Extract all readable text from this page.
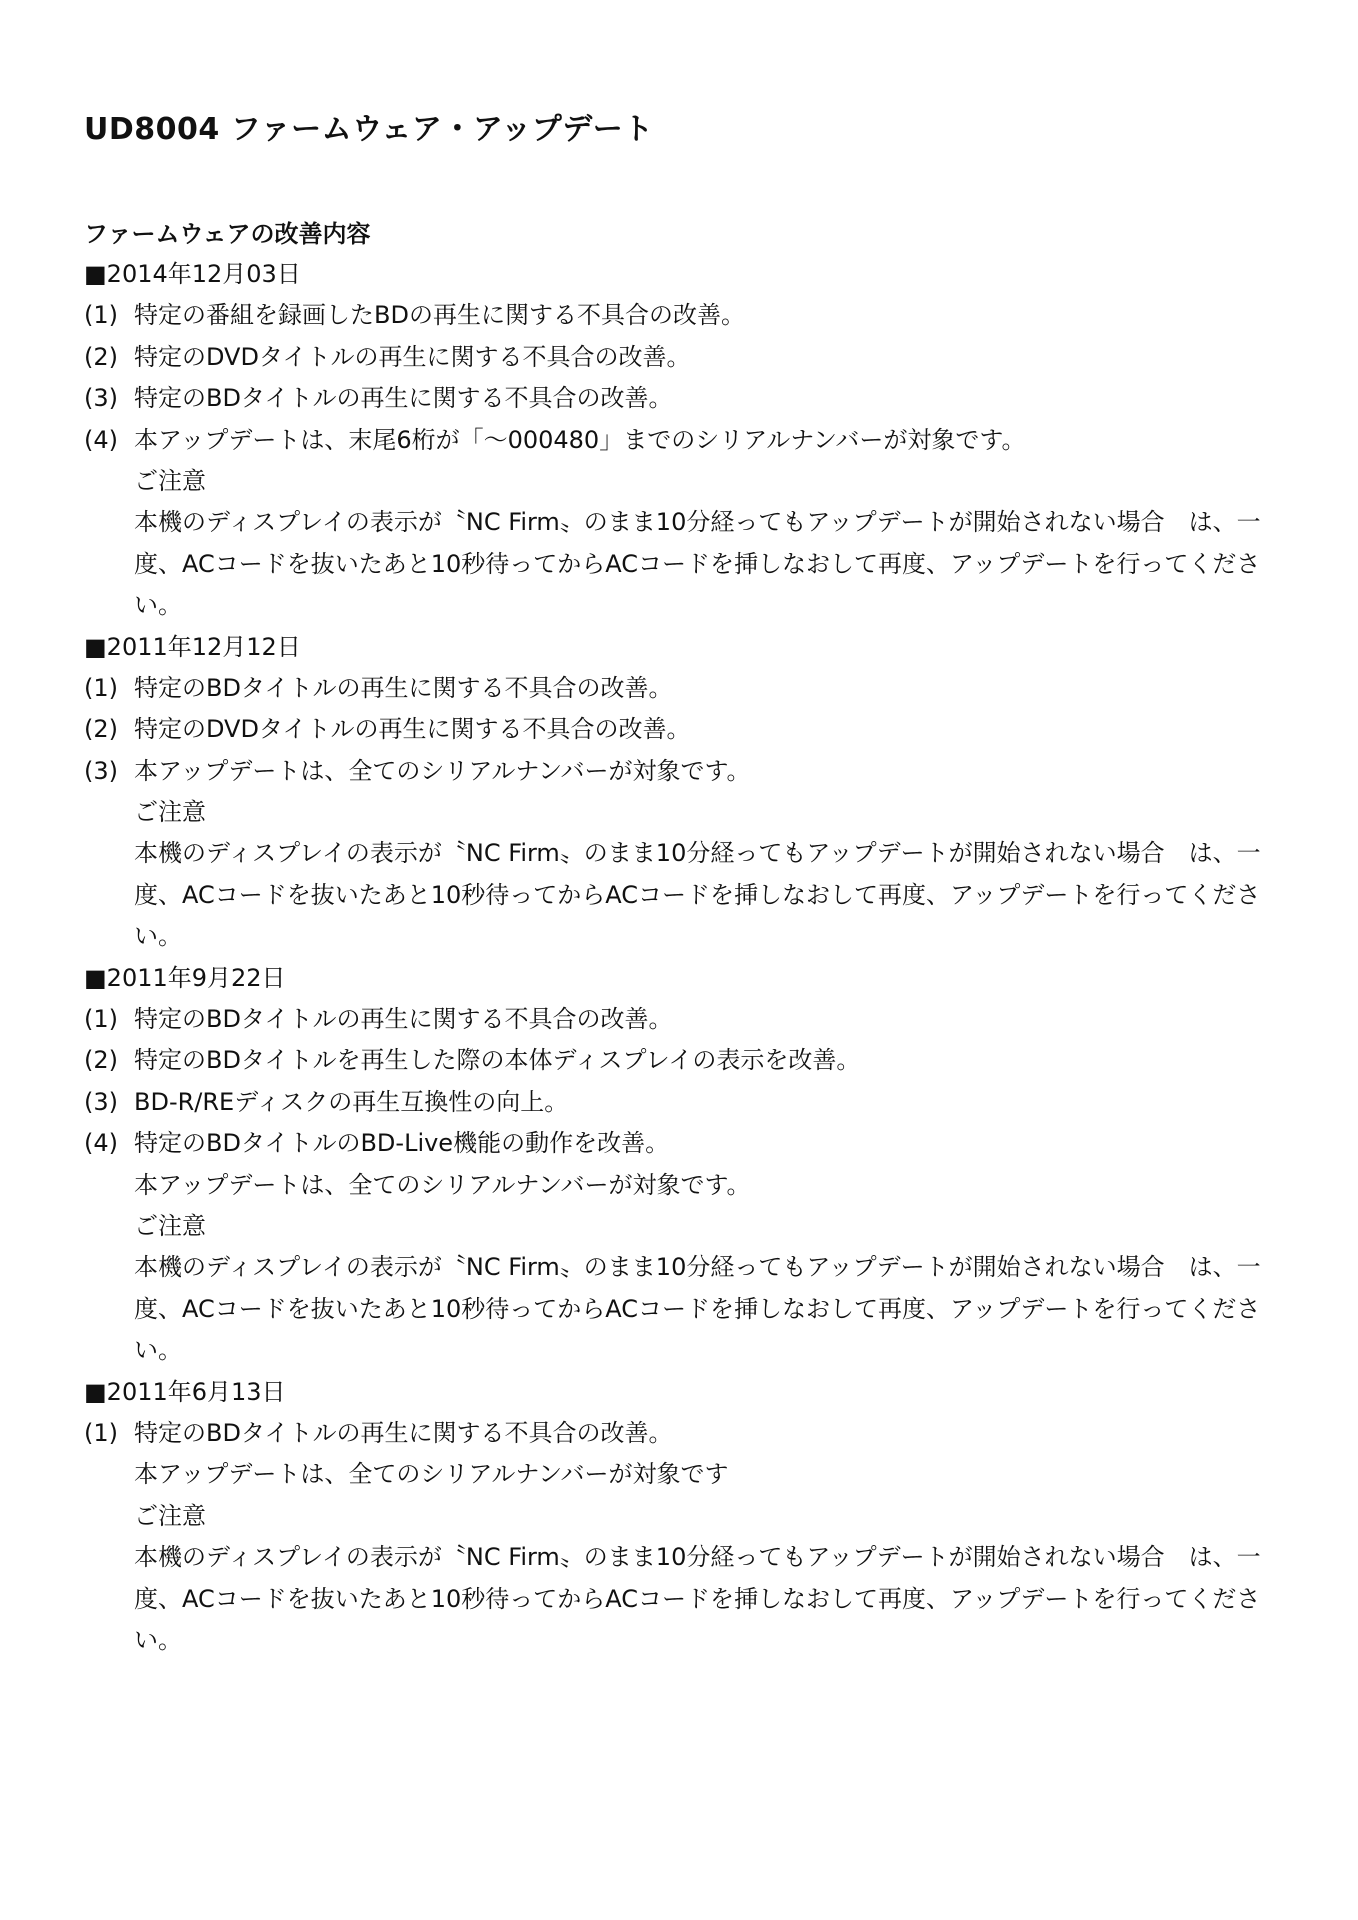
UD8004 ファームウェア・アップデート
ファームウェアの改善内容
■2014年12月03日
(1) 特定の番組を録画したBDの再生に関する不具合の改善。
(2) 特定のDVDタイトルの再生に関する不具合の改善。
(3) 特定のBDタイトルの再生に関する不具合の改善。
(4) 本アップデートは、末尾6桁が「～000480」までのシリアルナンバーが対象です。
ご注意
本機のディスプレイの表示が〝NC Firm〟のまま10分経ってもアップデートが開始されない場合　は、一
度、ACコードを抜いたあと10秒待ってからACコードを挿しなおして再度、アップデートを行ってくださ
い。
■2011年12月12日
(1) 特定のBDタイトルの再生に関する不具合の改善。
(2) 特定のDVDタイトルの再生に関する不具合の改善。
(3) 本アップデートは、全てのシリアルナンバーが対象です。
ご注意
本機のディスプレイの表示が〝NC Firm〟のまま10分経ってもアップデートが開始されない場合　は、一
度、ACコードを抜いたあと10秒待ってからACコードを挿しなおして再度、アップデートを行ってくださ
い。
■2011年9月22日
(1) 特定のBDタイトルの再生に関する不具合の改善。
(2) 特定のBDタイトルを再生した際の本体ディスプレイの表示を改善。
(3) BD-R/REディスクの再生互換性の向上。
(4) 特定のBDタイトルのBD-Live機能の動作を改善。
本アップデートは、全てのシリアルナンバーが対象です。
ご注意
本機のディスプレイの表示が〝NC Firm〟のまま10分経ってもアップデートが開始されない場合　は、一
度、ACコードを抜いたあと10秒待ってからACコードを挿しなおして再度、アップデートを行ってくださ
い。
■2011年6月13日
(1) 特定のBDタイトルの再生に関する不具合の改善。
本アップデートは、全てのシリアルナンバーが対象です
ご注意
本機のディスプレイの表示が〝NC Firm〟のまま10分経ってもアップデートが開始されない場合　は、一
度、ACコードを抜いたあと10秒待ってからACコードを挿しなおして再度、アップデートを行ってくださ
い。
